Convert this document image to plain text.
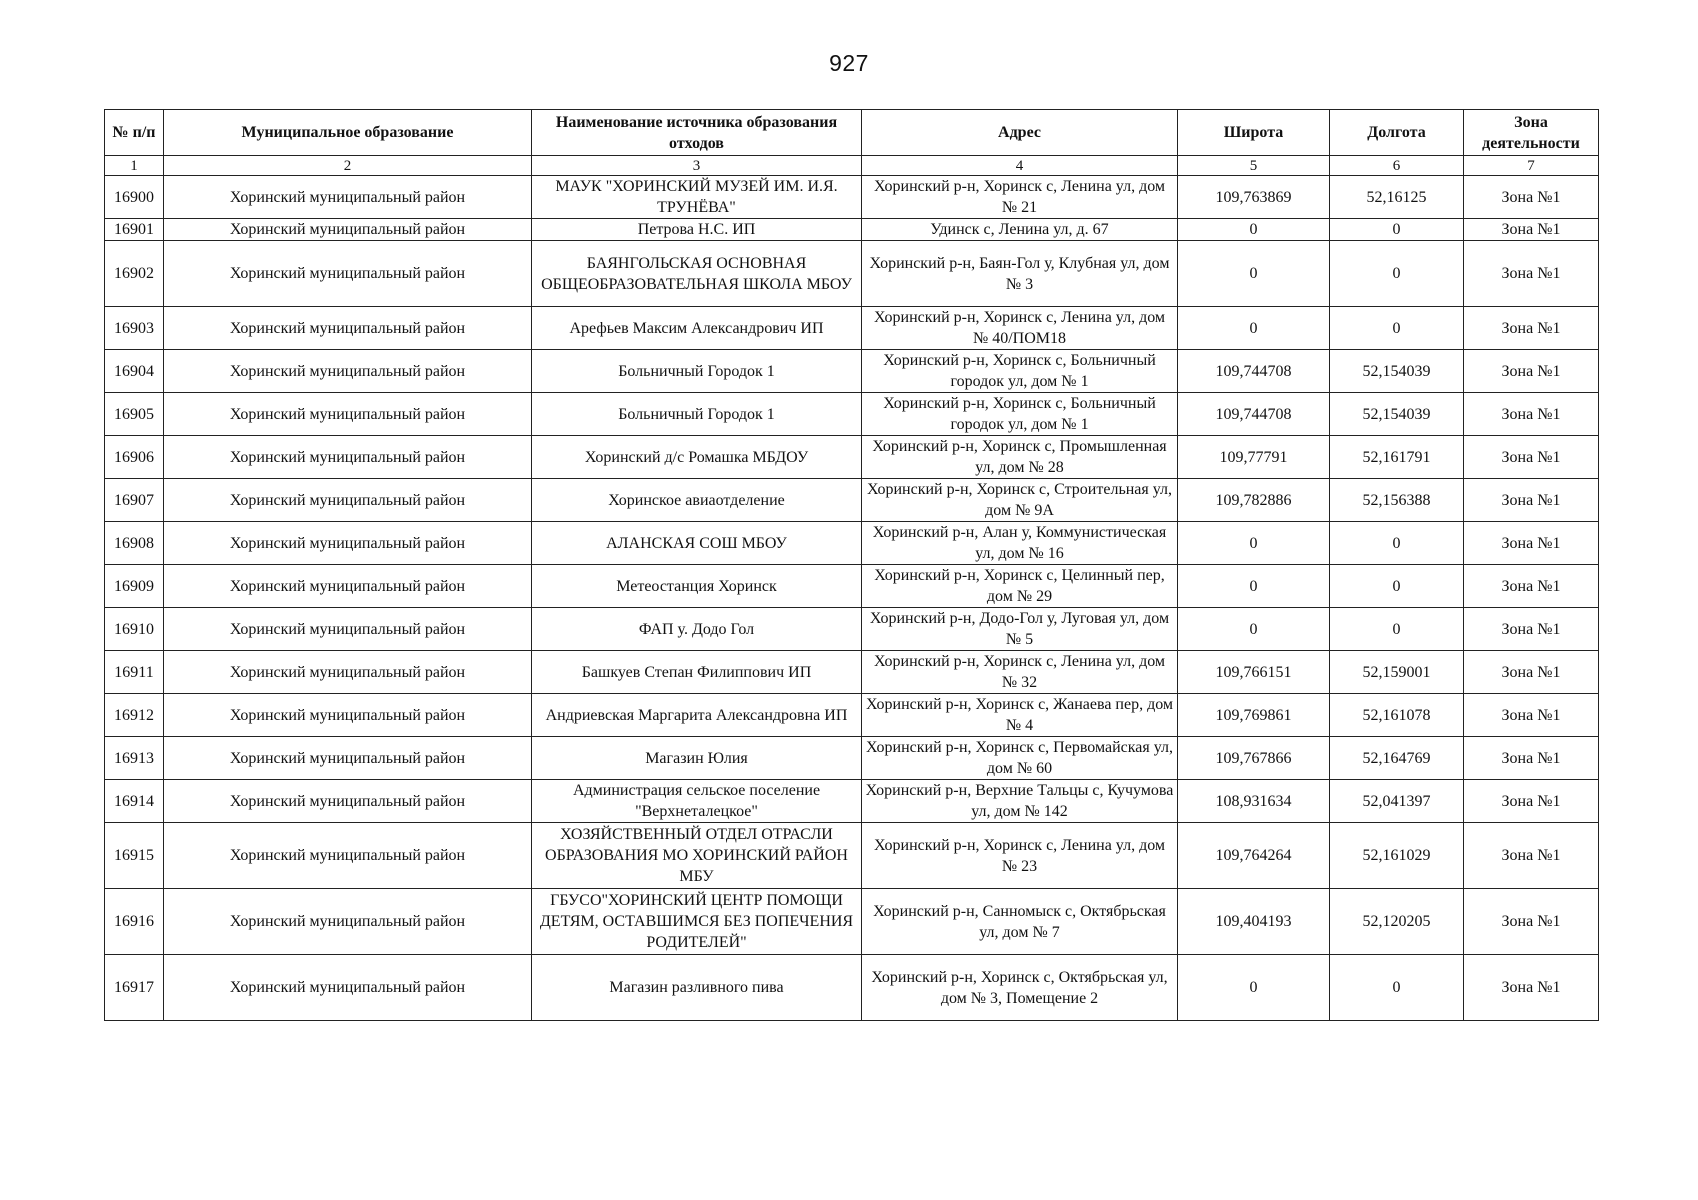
927
№ п/п	Муниципальное образование	Наименование источника образования отходов	Адрес	Широта	Долгота	Зона деятельности
1	2	3	4	5	6	7
16900	Хоринский муниципальный район	МАУК "ХОРИНСКИЙ МУЗЕЙ ИМ. И.Я. ТРУНЁВА"	Хоринский р-н, Хоринск с, Ленина ул, дом № 21	109,763869	52,16125	Зона №1
16901	Хоринский муниципальный район	Петрова Н.С. ИП	Удинск с, Ленина ул, д. 67	0	0	Зона №1
16902	Хоринский муниципальный район	БАЯНГОЛЬСКАЯ ОСНОВНАЯ ОБЩЕОБРАЗОВАТЕЛЬНАЯ ШКОЛА МБОУ	Хоринский р-н, Баян-Гол у, Клубная ул, дом № 3	0	0	Зона №1
16903	Хоринский муниципальный район	Арефьев Максим Александрович ИП	Хоринский р-н, Хоринск с, Ленина ул, дом № 40/ПОМ18	0	0	Зона №1
16904	Хоринский муниципальный район	Больничный Городок 1	Хоринский р-н, Хоринск с, Больничный городок ул, дом № 1	109,744708	52,154039	Зона №1
16905	Хоринский муниципальный район	Больничный Городок 1	Хоринский р-н, Хоринск с, Больничный городок ул, дом № 1	109,744708	52,154039	Зона №1
16906	Хоринский муниципальный район	Хоринский д/с Ромашка МБДОУ	Хоринский р-н, Хоринск с, Промышленная ул, дом № 28	109,77791	52,161791	Зона №1
16907	Хоринский муниципальный район	Хоринское авиаотделение	Хоринский р-н, Хоринск с, Строительная ул, дом № 9А	109,782886	52,156388	Зона №1
16908	Хоринский муниципальный район	АЛАНСКАЯ СОШ МБОУ	Хоринский р-н, Алан у, Коммунистическая ул, дом № 16	0	0	Зона №1
16909	Хоринский муниципальный район	Метеостанция Хоринск	Хоринский р-н, Хоринск с, Целинный пер, дом № 29	0	0	Зона №1
16910	Хоринский муниципальный район	ФАП у. Додо Гол	Хоринский р-н, Додо-Гол у, Луговая ул, дом № 5	0	0	Зона №1
16911	Хоринский муниципальный район	Башкуев Степан Филиппович ИП	Хоринский р-н, Хоринск с, Ленина ул, дом № 32	109,766151	52,159001	Зона №1
16912	Хоринский муниципальный район	Андриевская Маргарита Александровна ИП	Хоринский р-н, Хоринск с, Жанаева пер, дом № 4	109,769861	52,161078	Зона №1
16913	Хоринский муниципальный район	Магазин Юлия	Хоринский р-н, Хоринск с, Первомайская ул, дом № 60	109,767866	52,164769	Зона №1
16914	Хоринский муниципальный район	Администрация сельское поселение "Верхнеталецкое"	Хоринский р-н, Верхние Тальцы с, Кучумова ул, дом № 142	108,931634	52,041397	Зона №1
16915	Хоринский муниципальный район	ХОЗЯЙСТВЕННЫЙ ОТДЕЛ ОТРАСЛИ ОБРАЗОВАНИЯ МО ХОРИНСКИЙ РАЙОН МБУ	Хоринский р-н, Хоринск с, Ленина ул, дом № 23	109,764264	52,161029	Зона №1
16916	Хоринский муниципальный район	ГБУСО"ХОРИНСКИЙ ЦЕНТР ПОМОЩИ ДЕТЯМ, ОСТАВШИМСЯ БЕЗ ПОПЕЧЕНИЯ РОДИТЕЛЕЙ"	Хоринский р-н, Санномыск с, Октябрьская ул, дом № 7	109,404193	52,120205	Зона №1
16917	Хоринский муниципальный район	Магазин разливного пива	Хоринский р-н, Хоринск с, Октябрьская ул, дом № 3, Помещение 2	0	0	Зона №1
